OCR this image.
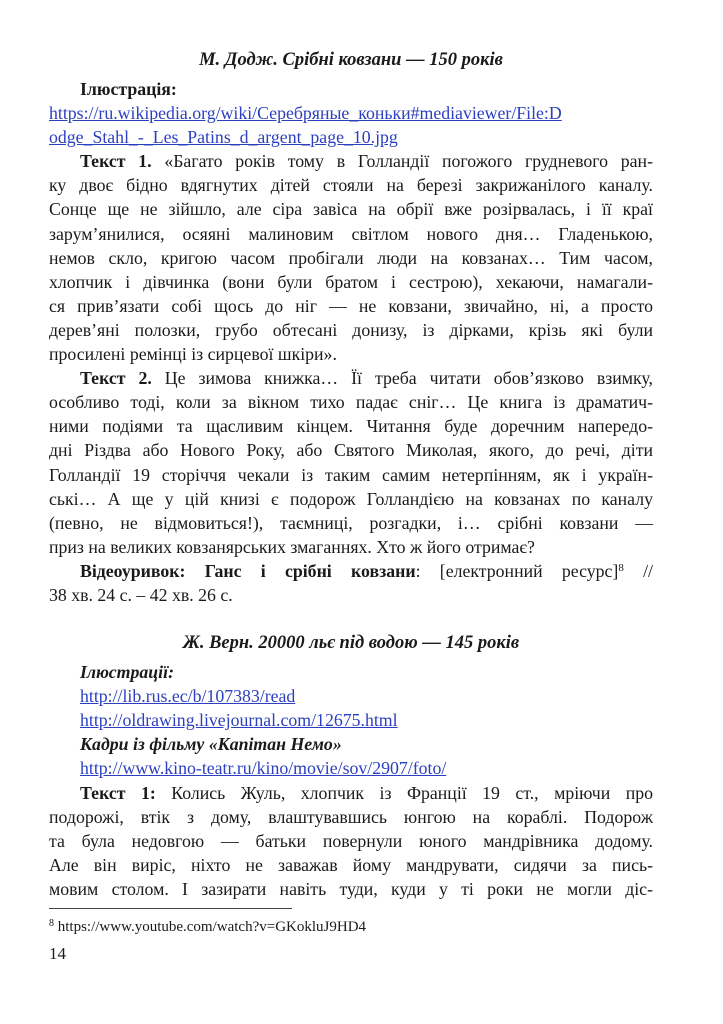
М. Додж. Срібні ковзани — 150 років

Ілюстрація:

https://ru.wikipedia.org/wiki/Серебряные_коньки#mediaviewer/File:D

odge_Stahl_-_Les_Patins_d_argent_page_10.jpg

Текст 1. «Багато років тому в Голландії погожого грудневого ран-

ку двоє бідно вдягнутих дітей стояли на березі закрижанілого каналу.

Сонце ще не зійшло, але сіра завіса на обрії вже розірвалась, і її краї

зарум’янилися, осяяні малиновим світлом нового дня… Гладенькою,

немов скло, кригою часом пробігали люди на ковзанах… Тим часом,

хлопчик і дівчинка (вони були братом і сестрою), хекаючи, намагали-

ся прив’язати собі щось до ніг — не ковзани, звичайно, ні, а просто

дерев’яні полозки, грубо обтесані донизу, із дірками, крізь які були

просилені ремінці із сирцевої шкіри».

Текст 2. Це зимова книжка… Її треба читати обов’язково взимку,

особливо тоді, коли за вікном тихо падає сніг… Це книга із драматич-

ними подіями та щасливим кінцем. Читання буде доречним напередо-

дні Різдва або Нового Року, або Святого Миколая, якого, до речі, діти

Голландії 19 сторіччя чекали із таким самим нетерпінням, як і україн-

ські… А ще у цій книзі є подорож Голландією на ковзанах по каналу

(певно, не відмовиться!), таємниці, розгадки, і… срібні ковзани —

приз на великих ковзанярських змаганнях. Хто ж його отримає?

Відеоуривок: Ганс і срібні ковзани: [електронний ресурс]$^8$ //

38 хв. 24 с. – 42 хв. 26 с.

Ж. Верн. 20000 льє під водою — 145 років

Ілюстрації:

http://lib.rus.ec/b/107383/read

http://oldrawing.livejournal.com/12675.html

Кадри із фільму «Капітан Немо»

http://www.kino-teatr.ru/kino/movie/sov/2907/foto/

Текст 1: Колись Жуль, хлопчик із Франції 19 ст., мріючи про

подорожі, втік з дому, влаштувавшись юнгою на кораблі. Подорож

та була недовгою — батьки повернули юного мандрівника додому.

Але він виріс, ніхто не заважав йому мандрувати, сидячи за пись-

мовим столом. І зазирати навіть туди, куди у ті роки не могли діс-

$^8$ https://www.youtube.com/watch?v=GKokluJ9HD4
14
